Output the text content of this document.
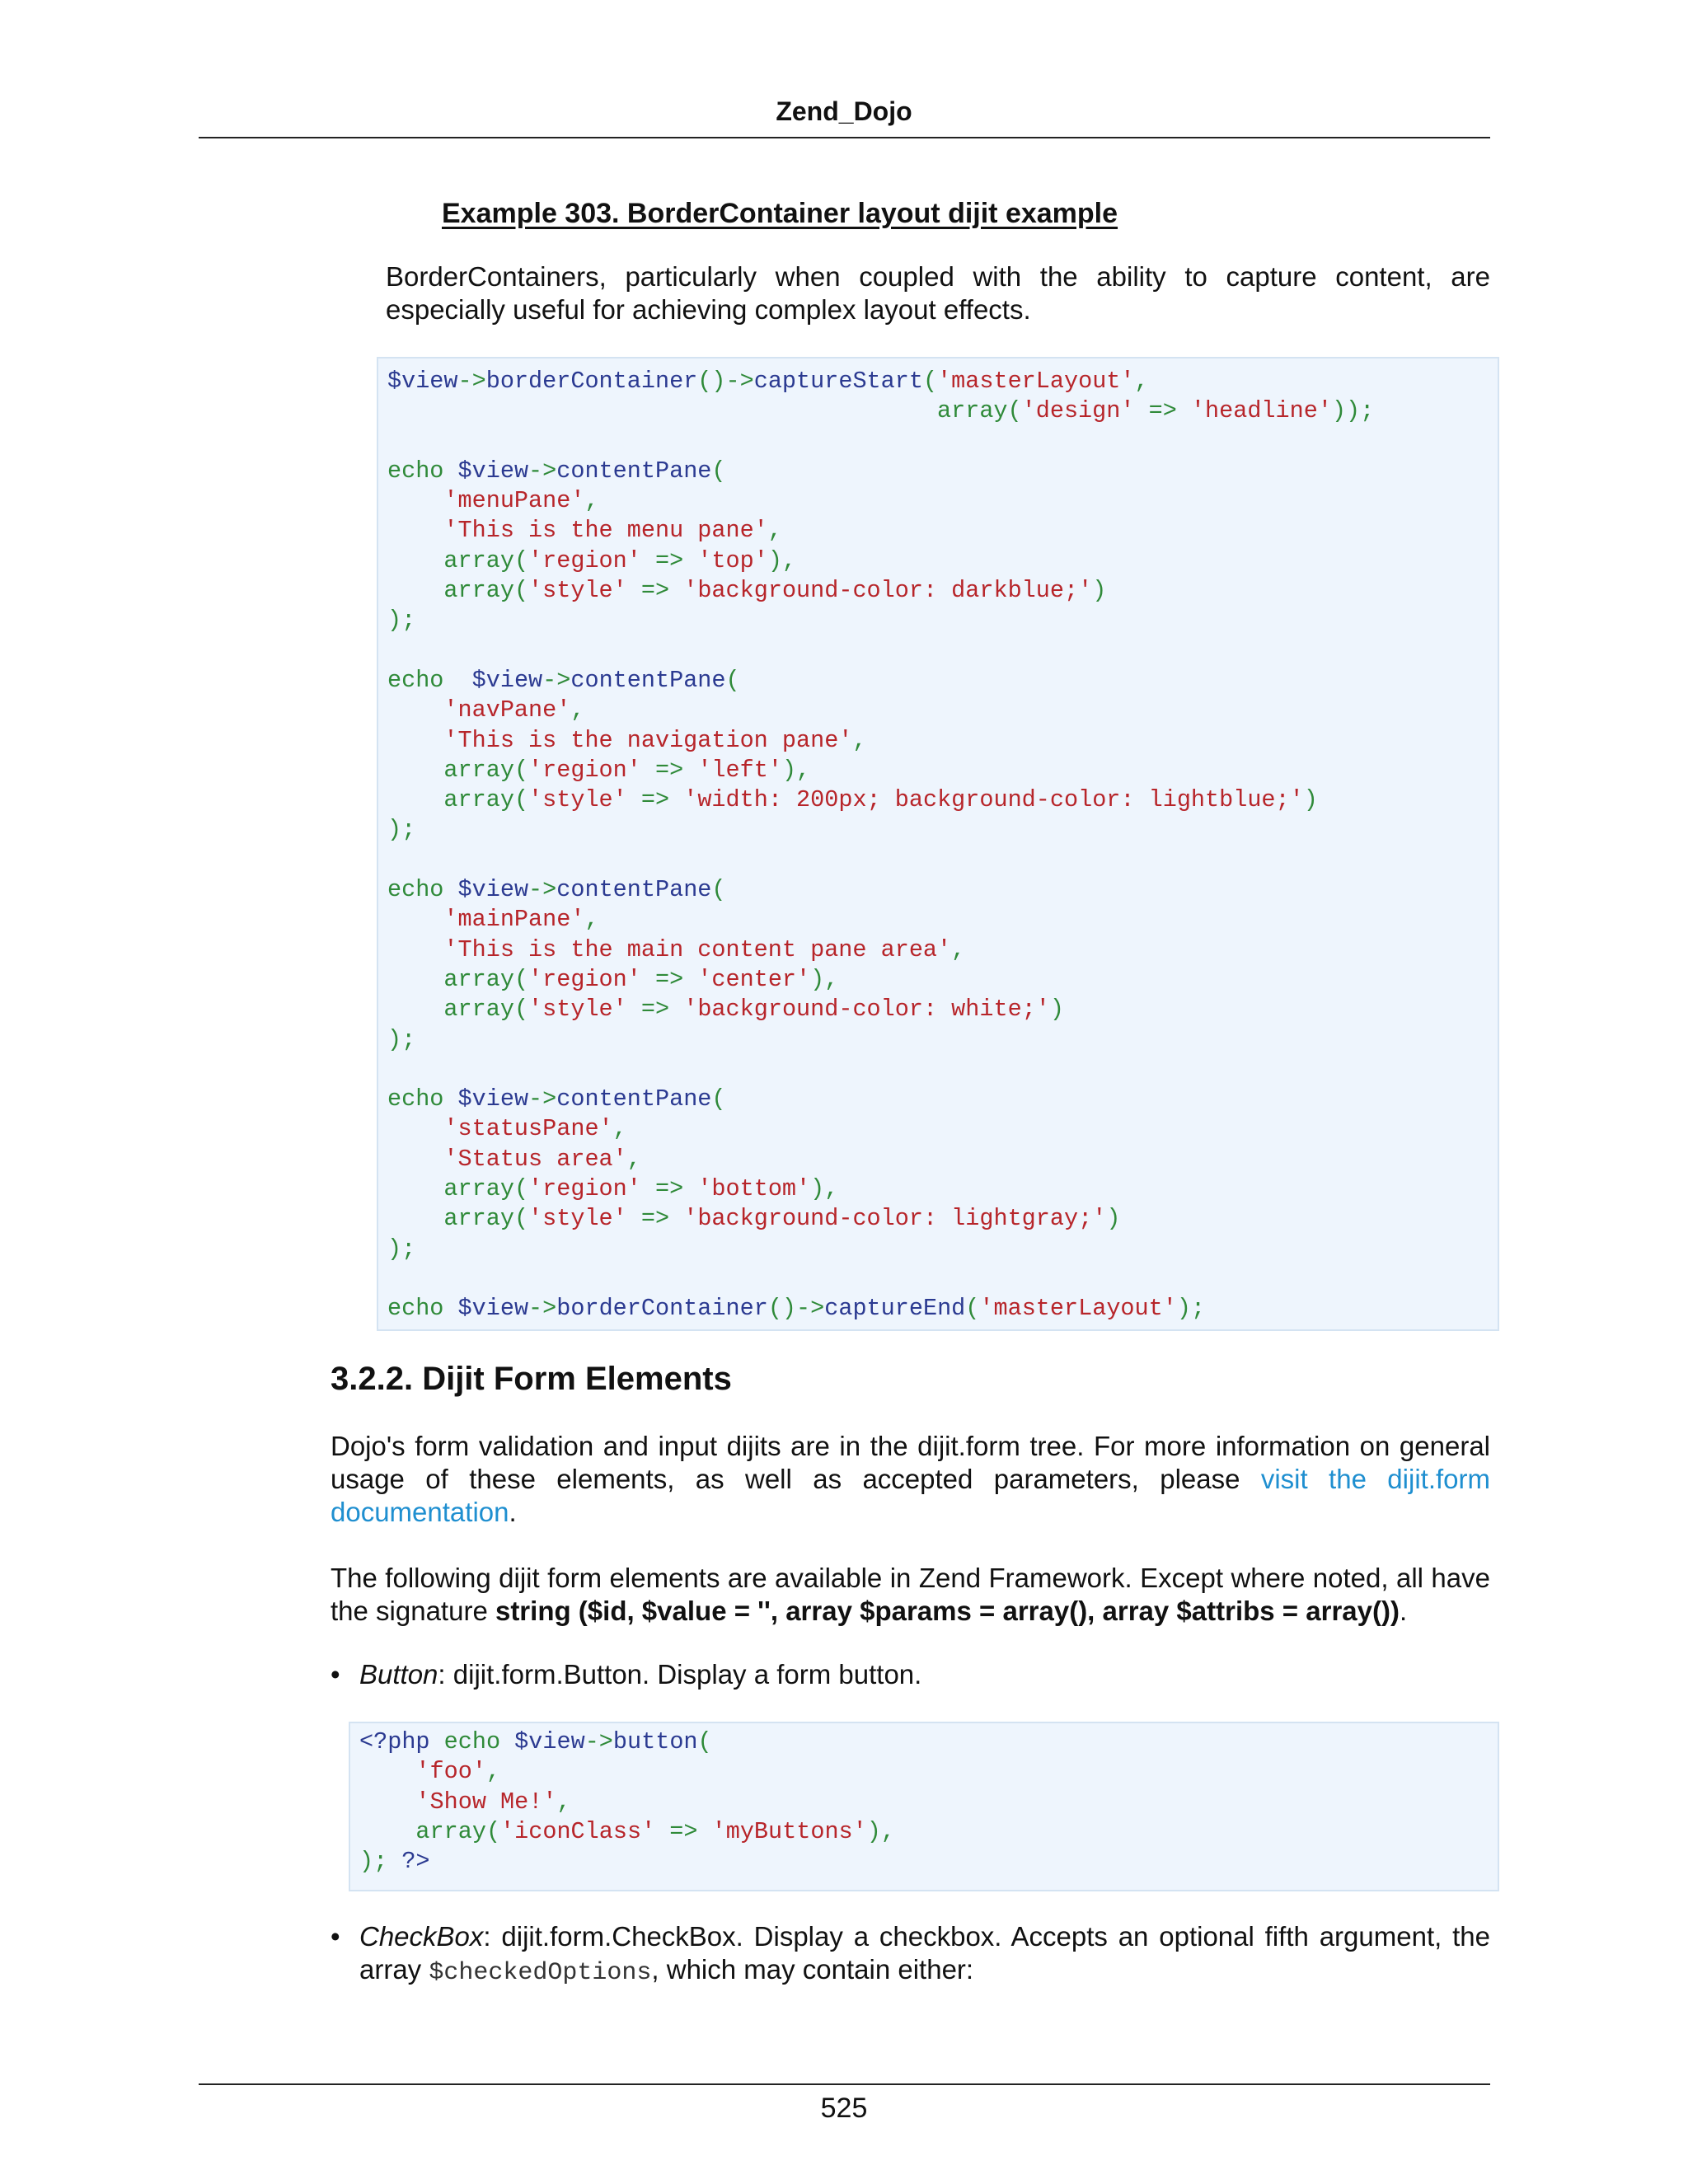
Zend_Dojo
Example 303. BorderContainer layout dijit example

BorderContainers, particularly when coupled with the ability to capture content, are especially useful for achieving complex layout effects.

$view->borderContainer()->captureStart('masterLayout',
array('design' => 'headline'));

echo $view->contentPane(
'menuPane',
'This is the menu pane',
array('region' => 'top'),
array('style' => 'background-color: darkblue;')
);

echo $view->contentPane(
'navPane',
'This is the navigation pane',
array('region' => 'left'),
array('style' => 'width: 200px; background-color: lightblue;')
);

echo $view->contentPane(
'mainPane',
'This is the main content pane area',
array('region' => 'center'),
array('style' => 'background-color: white;')
);

echo $view->contentPane(
'statusPane',
'Status area',
array('region' => 'bottom'),
array('style' => 'background-color: lightgray;')
);

echo $view->borderContainer()->captureEnd('masterLayout');
3.2.2. Dijit Form Elements

Dojo's form validation and input dijits are in the dijit.form tree. For more information on general usage of these elements, as well as accepted parameters, please visit the dijit.form documentation.

The following dijit form elements are available in Zend Framework. Except where noted, all have the signature string ($id, $value = '', array $params = array(), array $attribs = array()).

• Button: dijit.form.Button. Display a form button.
<?php echo $view->button(
'foo',
'Show Me!',
array('iconClass' => 'myButtons'),
); ?>
• CheckBox: dijit.form.CheckBox. Display a checkbox. Accepts an optional fifth argument, the array $checkedOptions, which may contain either:
525
